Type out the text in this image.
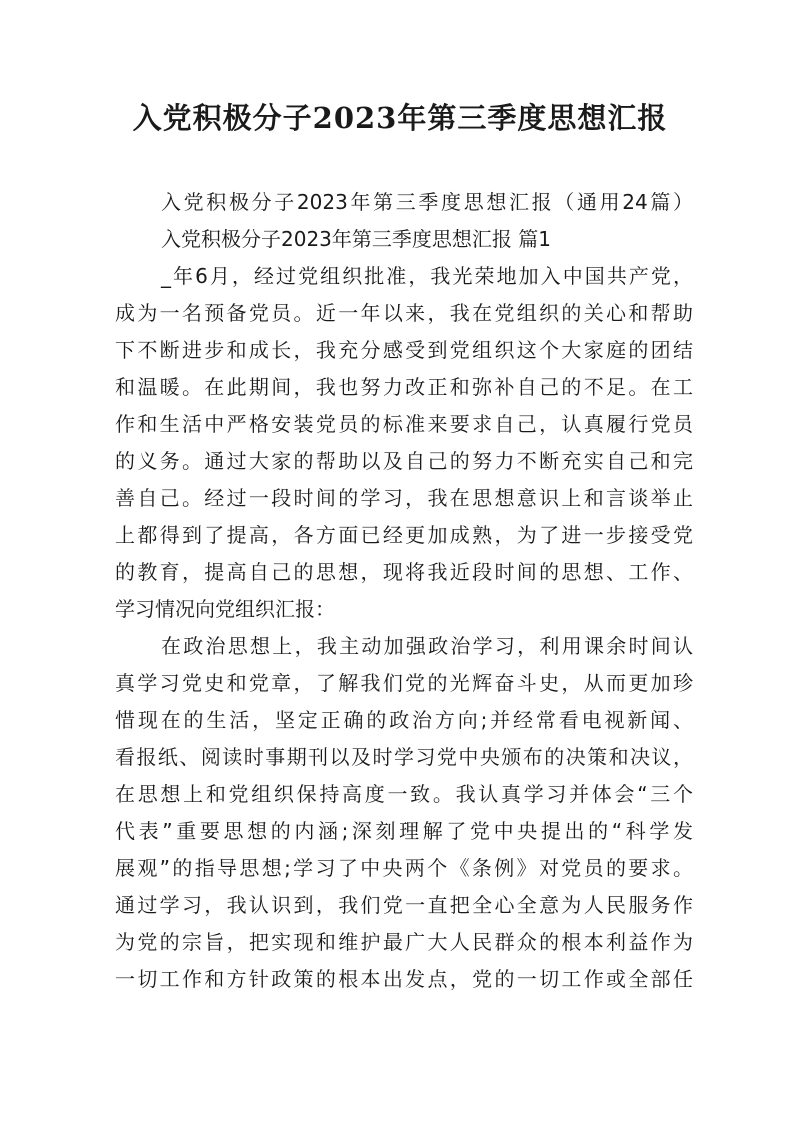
入党积极分子2023年第三季度思想汇报
入党积极分子2023年第三季度思想汇报（通用24篇）
入党积极分子2023年第三季度思想汇报 篇1
_年6月，经过党组织批准，我光荣地加入中国共产党，
成为一名预备党员。近一年以来，我在党组织的关心和帮助
下不断进步和成长，我充分感受到党组织这个大家庭的团结
和温暖。在此期间，我也努力改正和弥补自己的不足。在工
作和生活中严格安装党员的标准来要求自己，认真履行党员
的义务。通过大家的帮助以及自己的努力不断充实自己和完
善自己。经过一段时间的学习，我在思想意识上和言谈举止
上都得到了提高，各方面已经更加成熟，为了进一步接受党
的教育，提高自己的思想，现将我近段时间的思想、工作、
学习情况向党组织汇报：
在政治思想上，我主动加强政治学习，利用课余时间认
真学习党史和党章，了解我们党的光辉奋斗史，从而更加珍
惜现在的生活，坚定正确的政治方向;并经常看电视新闻、
看报纸、阅读时事期刊以及时学习党中央颁布的决策和决议，
在思想上和党组织保持高度一致。我认真学习并体会“三个
代表”重要思想的内涵;深刻理解了党中央提出的“科学发
展观”的指导思想;学习了中央两个《条例》对党员的要求。
通过学习，我认识到，我们党一直把全心全意为人民服务作
为党的宗旨，把实现和维护最广大人民群众的根本利益作为
一切工作和方针政策的根本出发点，党的一切工作或全部任
